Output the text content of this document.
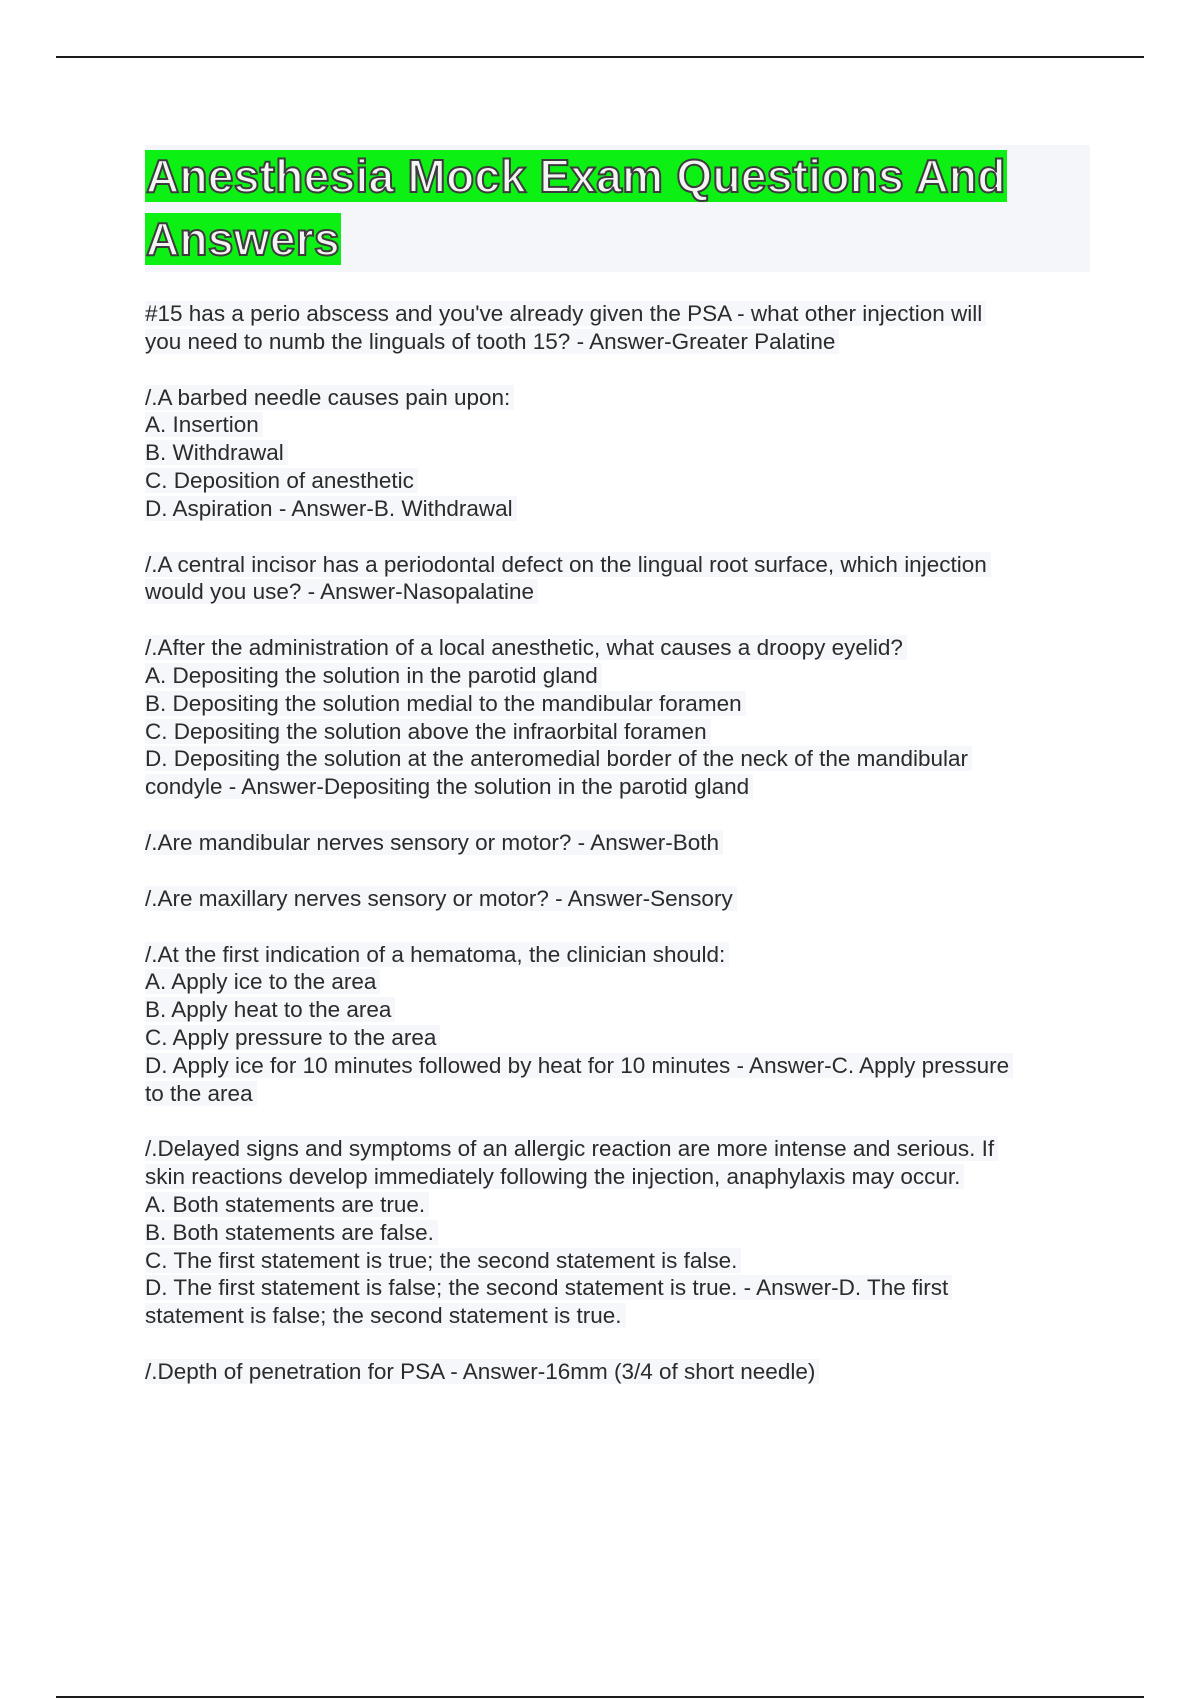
Anesthesia Mock Exam Questions And
Answers
#15 has a perio abscess and you've already given the PSA - what other injection will
you need to numb the linguals of tooth 15? - Answer-Greater Palatine
/.A barbed needle causes pain upon:
A. Insertion
B. Withdrawal
C. Deposition of anesthetic
D. Aspiration - Answer-B. Withdrawal
/.A central incisor has a periodontal defect on the lingual root surface, which injection
would you use? - Answer-Nasopalatine
/.After the administration of a local anesthetic, what causes a droopy eyelid?
A. Depositing the solution in the parotid gland
B. Depositing the solution medial to the mandibular foramen
C. Depositing the solution above the infraorbital foramen
D. Depositing the solution at the anteromedial border of the neck of the mandibular
condyle - Answer-Depositing the solution in the parotid gland
/.Are mandibular nerves sensory or motor? - Answer-Both
/.Are maxillary nerves sensory or motor? - Answer-Sensory
/.At the first indication of a hematoma, the clinician should:
A. Apply ice to the area
B. Apply heat to the area
C. Apply pressure to the area
D. Apply ice for 10 minutes followed by heat for 10 minutes - Answer-C. Apply pressure
to the area
/.Delayed signs and symptoms of an allergic reaction are more intense and serious. If
skin reactions develop immediately following the injection, anaphylaxis may occur.
A. Both statements are true.
B. Both statements are false.
C. The first statement is true; the second statement is false.
D. The first statement is false; the second statement is true. - Answer-D. The first
statement is false; the second statement is true.
/.Depth of penetration for PSA - Answer-16mm (3/4 of short needle)
